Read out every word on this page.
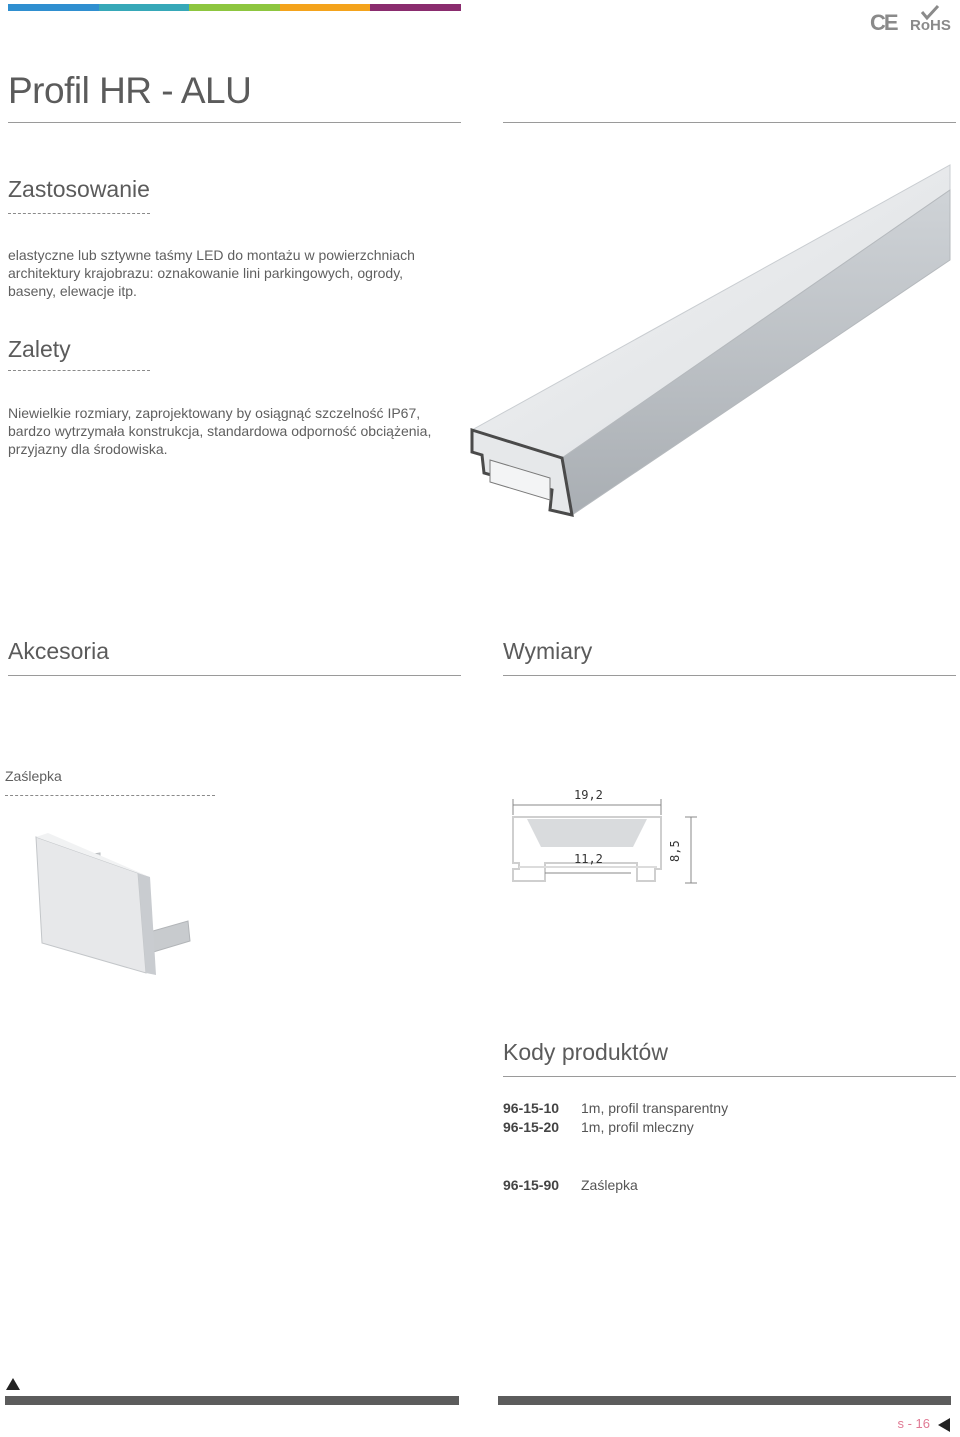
CE RoHS
Profil HR - ALU
Zastosowanie
elastyczne lub sztywne taśmy LED do montażu w powierzchniach
architektury krajobrazu: oznakowanie lini parkingowych, ogrody,
baseny, elewacje itp.
Zalety
Niewielkie rozmiary, zaprojektowany by osiągnąć szczelność IP67,
bardzo wytrzymała konstrukcja, standardowa odporność obciążenia,
przyjazny dla środowiska.
Akcesoria	Wymiary
Zaślepka
19,2
11,2	8,5
Kody produktów
96-15-10	1m, profil transparentny
96-15-20	1m, profil mleczny
96-15-90	Zaślepka
s - 16
